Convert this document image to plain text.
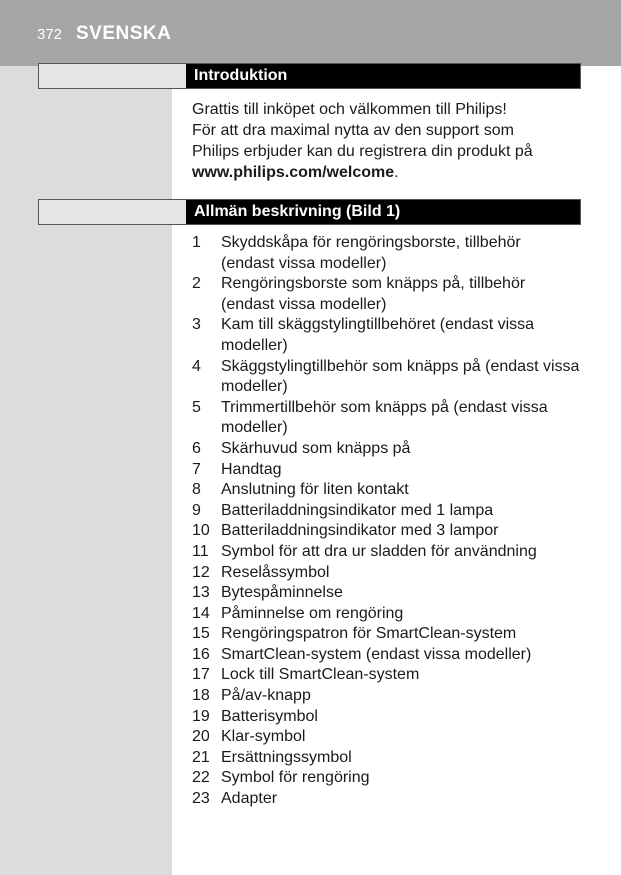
372 SVENSKA
Introduktion
Grattis till inköpet och välkommen till Philips!
För att dra maximal nytta av den support som
Philips erbjuder kan du registrera din produkt på
www.philips.com/welcome.
Allmän beskrivning (Bild 1)
1 Skyddskåpa för rengöringsborste, tillbehör
(endast vissa modeller)
2 Rengöringsborste som knäpps på, tillbehör
(endast vissa modeller)
3 Kam till skäggstylingtillbehöret (endast vissa
modeller)
4 Skäggstylingtillbehör som knäpps på (endast vissa
modeller)
5 Trimmertillbehör som knäpps på (endast vissa
modeller)
6 Skärhuvud som knäpps på
7 Handtag
8 Anslutning för liten kontakt
9 Batteriladdningsindikator med 1 lampa
10 Batteriladdningsindikator med 3 lampor
11 Symbol för att dra ur sladden för användning
12 Reselåssymbol
13 Bytespåminnelse
14 Påminnelse om rengöring
15 Rengöringspatron för SmartClean-system
16 SmartClean-system (endast vissa modeller)
17 Lock till SmartClean-system
18 På/av-knapp
19 Batterisymbol
20 Klar-symbol
21 Ersättningssymbol
22 Symbol för rengöring
23 Adapter
